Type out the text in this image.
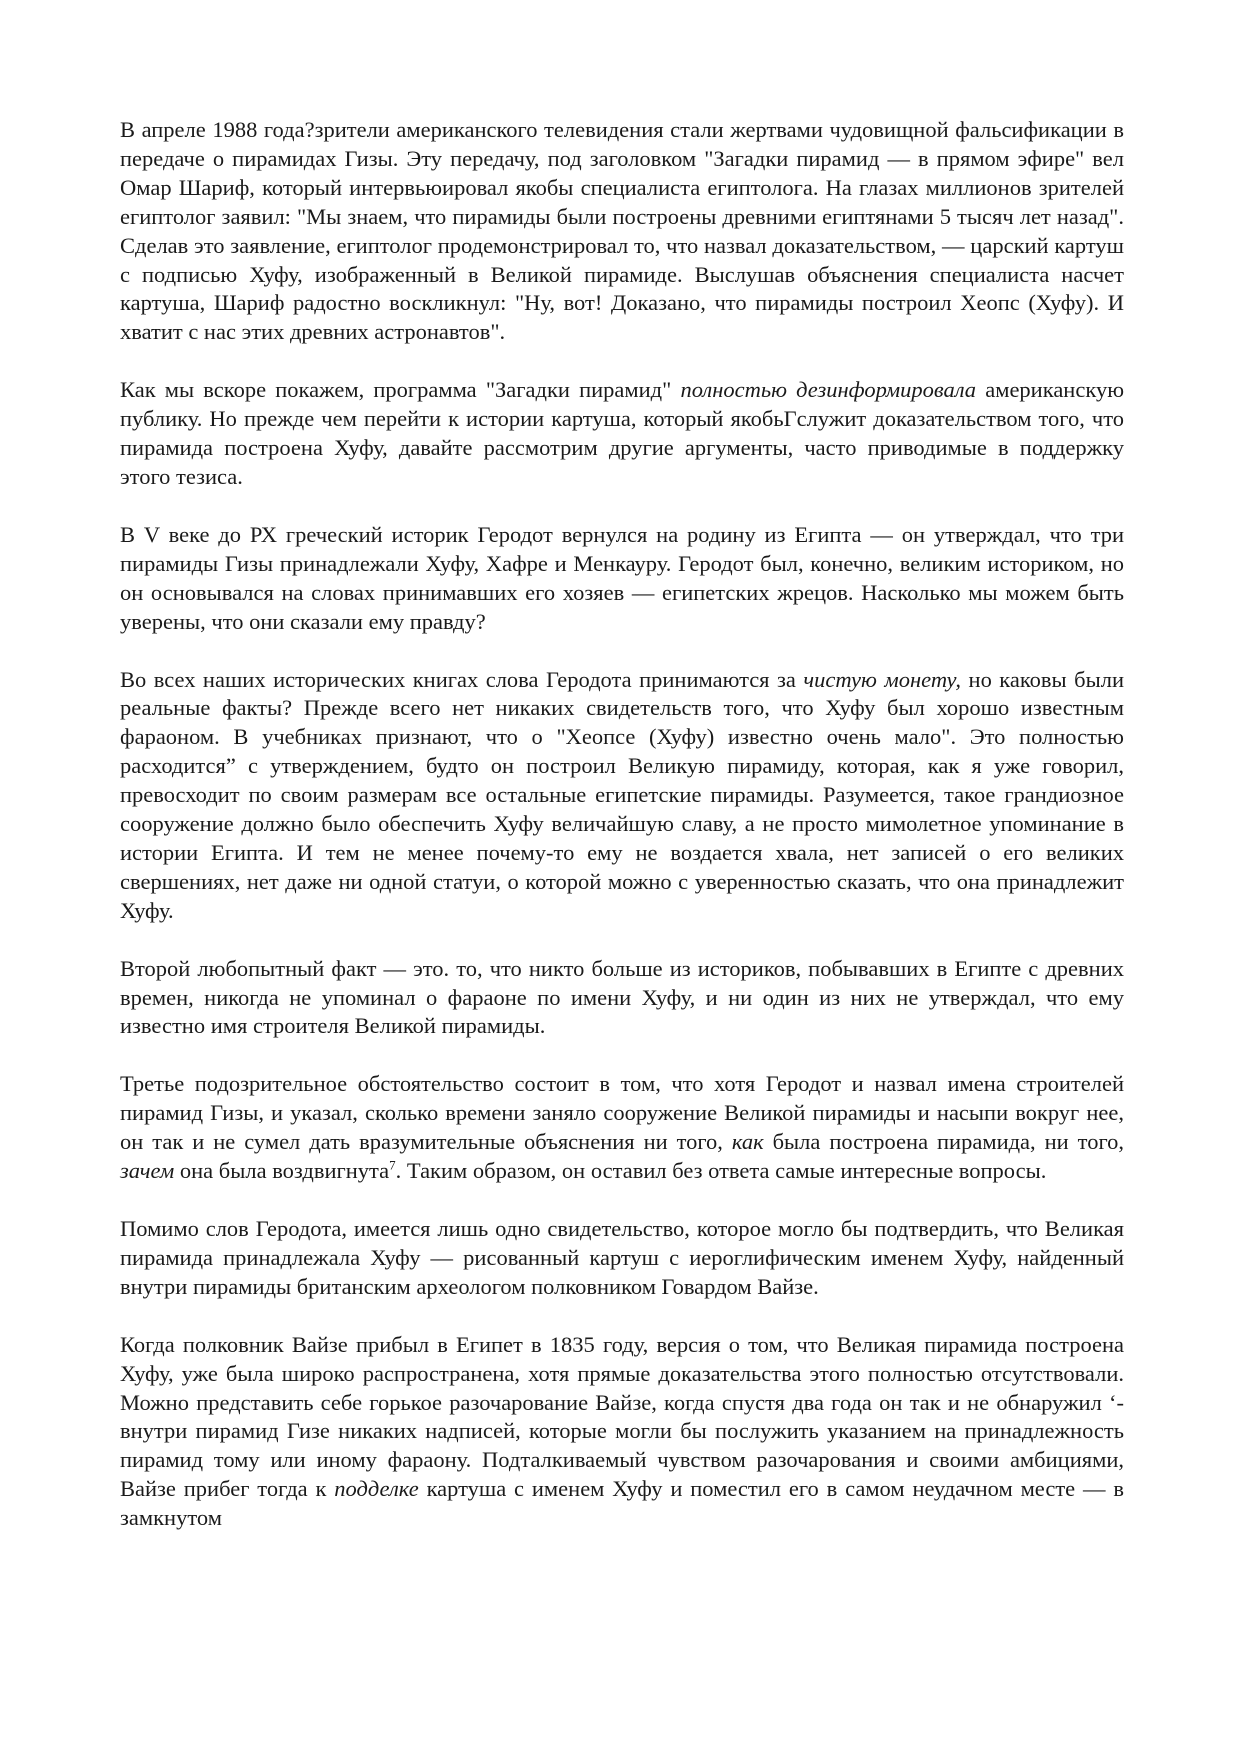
В апреле 1988 года?зрители американского телевидения стали жертвами чудовищной фальсификации в передаче о пирамидах Гизы. Эту передачу, под заголовком "Загадки пирамид — в прямом эфире" вел Омар Шариф, который интервьюировал якобы специалиста египтолога. На глазах миллионов зрителей египтолог заявил: "Мы знаем, что пирамиды были построены древними египтянами 5 тысяч лет назад". Сделав это заявление, египтолог продемонстрировал то, что назвал доказательством, — царский картуш с подписью Хуфу, изображенный в Великой пирамиде. Выслушав объяснения специалиста насчет картуша, Шариф радостно воскликнул: "Ну, вот! Доказано, что пирамиды построил Хеопс (Хуфу). И хватит с нас этих древних астронавтов".

Как мы вскоре покажем, программа "Загадки пирамид" полностью дезинформировала американскую публику. Но прежде чем перейти к истории картуша, который якобьГслужит доказательством того, что пирамида построена Хуфу, давайте рассмотрим другие аргументы, часто приводимые в поддержку этого тезиса.

В V веке до РХ греческий историк Геродот вернулся на родину из Египта — он утверждал, что три пирамиды Гизы принадлежали Хуфу, Хафре и Менкауру. Геродот был, конечно, великим историком, но он основывался на словах принимавших его хозяев — египетских жрецов. Насколько мы можем быть уверены, что они сказали ему правду?

Во всех наших исторических книгах слова Геродота принимаются за чистую монету, но каковы были реальные факты? Прежде всего нет никаких свидетельств того, что Хуфу был хорошо известным фараоном. В учебниках признают, что о "Хеопсе (Хуфу) известно очень мало". Это полностью расходится” с утверждением, будто он построил Великую пирамиду, которая, как я уже говорил, превосходит по своим размерам все остальные египетские пирамиды. Разумеется, такое грандиозное сооружение должно было обеспечить Хуфу величайшую славу, а не просто мимолетное упоминание в истории Египта. И тем не менее почему-то ему не воздается хвала, нет записей о его великих свершениях, нет даже ни одной статуи, о которой можно с уверенностью сказать, что она принадлежит Хуфу.

Второй любопытный факт — это. то, что никто больше из историков, побывавших в Египте с древних времен, никогда не упоминал о фараоне по имени Хуфу, и ни один из них не утверждал, что ему известно имя строителя Великой пирамиды.

Третье подозрительное обстоятельство состоит в том, что хотя Геродот и назвал имена строителей пирамид Гизы, и указал, сколько времени заняло сооружение Великой пирамиды и насыпи вокруг нее, он так и не сумел дать вразумительные объяснения ни того, как была построена пирамида, ни того, зачем она была воздвигнута$^7$. Таким образом, он оставил без ответа самые интересные вопросы.

Помимо слов Геродота, имеется лишь одно свидетельство, которое могло бы подтвердить, что Великая пирамида принадлежала Хуфу — рисованный картуш с иероглифическим именем Хуфу, найденный внутри пирамиды британским археологом полковником Говардом Вайзе.

Когда полковник Вайзе прибыл в Египет в 1835 году, версия о том, что Великая пирамида построена Хуфу, уже была широко распространена, хотя прямые доказательства этого полностью отсутствовали. Можно представить себе горькое разочарование Вайзе, когда спустя два года он так и не обнаружил ‘-внутри пирамид Гизе никаких надписей, которые могли бы послужить указанием на принадлежность пирамид тому или иному фараону. Подталкиваемый чувством разочарования и своими амбициями, Вайзе прибег тогда к подделке картуша с именем Хуфу и поместил его в самом неудачном месте — в замкнутом
